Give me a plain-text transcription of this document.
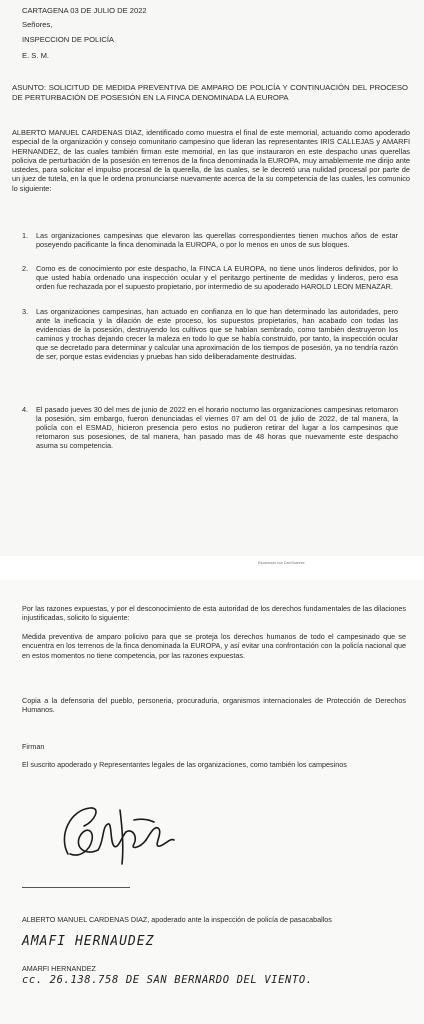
CARTAGENA 03 DE JULIO DE 2022
Señores,
INSPECCION DE POLICÍA
E. S. M.
ASUNTO: SOLICITUD DE MEDIDA PREVENTIVA DE AMPARO DE POLICÍA Y CONTINUACIÓN DEL PROCESO DE PERTURBACIÓN DE POSESIÓN EN LA FINCA DENOMINADA LA EUROPA
ALBERTO MANUEL CARDENAS DIAZ, identificado como muestra el final de este memorial, actuando como apoderado especial de la organización y consejo comunitario campesino que lideran las representantes IRIS CALLEJAS y AMARFI HERNANDEZ, de las cuales también firman este memorial, en las que instauraron en este despacho unas querellas policiva de perturbación de la posesión en terrenos de la finca denominada la EUROPA, muy amablemente me dirijo ante ustedes, para solicitar el impulso procesal de la querella, de las cuales, se le decretó una nulidad procesal por parte de un juez de tutela, en la que le ordena pronunciarse nuevamente acerca de la su competencia de las cuales, les comunico lo siguiente:
1. Las organizaciones campesinas que elevaron las querellas correspondientes tienen muchos años de estar poseyendo pacificante la finca denominada la EUROPA, o por lo menos en unos de sus bloques.
2. Como es de conocimiento por este despacho, la FINCA LA EUROPA, no tiene unos linderos definidos, por lo que usted había ordenado una inspección ocular y el peritazgo pertinente de medidas y linderos, pero esa orden fue rechazada por el supuesto propietario, por intermedio de su apoderado HAROLD LEON MENAZAR.
3. Las organizaciones campesinas, han actuado en confianza en lo que han determinado las autoridades, pero ante la ineficacia y la dilación de este proceso, los supuestos propietarios, han acabado con todas las evidencias de la posesión, destruyendo los cultivos que se habían sembrado, como también destruyeron los caminos y trochas dejando crecer la maleza en todo lo que se había construido, por tanto, la inspección ocular que se decretado para determinar y calcular una aproximación de los tiempos de posesión, ya no tendría razón de ser, porque estas evidencias y pruebas han sido deliberadamente destruidas.
4. El pasado jueves 30 del mes de junio de 2022 en el horario nocturno las organizaciones campesinas retomaron la posesión, sim embargo, fueron denunciadas el viernes 07 am del 01 de julio de 2022, de tal manera, la policía con el ESMAD, hicieron presencia pero estos no pudieron retirar del lugar a los campesinos que retomaron sus posesiones, de tal manera, han pasado mas de 48 horas que nuevamente este despacho asuma su competencia.
Escaneado con CamScanner
Por las razones expuestas, y por el desconocimiento de esta autoridad de los derechos fundamentales de las dilaciones injustificadas, solicito lo siguiente:
Medida preventiva de amparo policivo para que se proteja los derechos humanos de todo el campesinado que se encuentra en los terrenos de la finca denominada la EUROPA, y así evitar una confrontación con la policía nacional que en estos momentos no tiene competencia, por las razones expuestas.
Copia a la defensoria del pueblo, personeria, procuraduria, organismos internacionales de Protección de Derechos Humanos.
Firman
El suscrito apoderado y Representantes legales de las organizaciones, como también los campesinos
ALBERTO MANUEL CARDENAS DIAZ, apoderado ante la inspección de policía de pasacaballos
AMAFI HERNAUDEZ
AMARFI HERNANDEZ
cc. 26.138.758 DE SAN BERNARDO DEL VIENTO.
